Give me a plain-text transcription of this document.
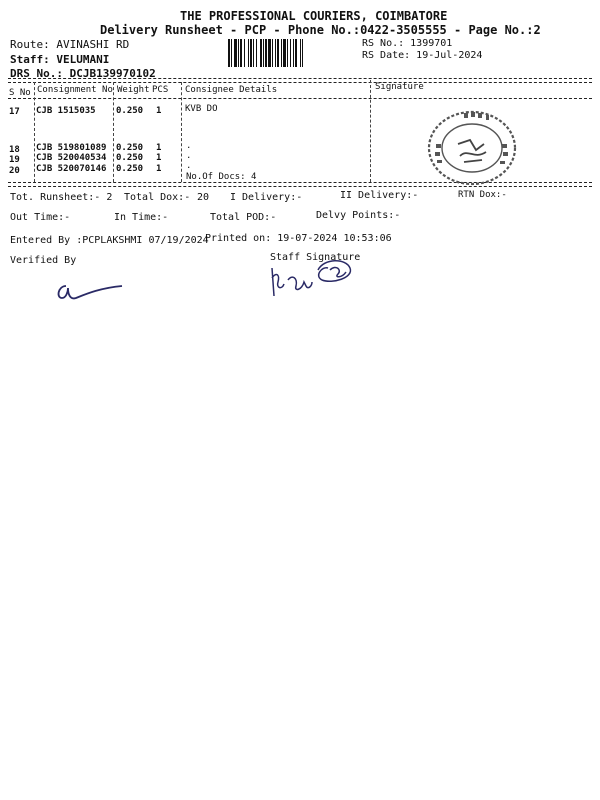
THE PROFESSIONAL COURIERS, COIMBATORE
Delivery Runsheet - PCP - Phone No.:0422-3505555 - Page No.:2
Route: AVINASHI RD
Staff: VELUMANI
DRS No.: DCJB139970102
RS No.: 1399701
RS Date: 19-Jul-2024
S No Consignment No Weight PCS Consignee Details	Signature
17 CJB 1515035 0.250 1	KVB DO
18 CJB 519801089 0.250 1	.
19 CJB 520040534 0.250 1	.
20 CJB 520070146 0.250 1	.
No.Of Docs: 4
Tot. Runsheet:- 2 Total Dox:- 20 I Delivery:-	II Delivery:-	RTN Dox:-
Out Time:-	In Time:-	Total POD:-	Delvy Points:-
Entered By :PCPLAKSHMI 07/19/2024
Printed on: 19-07-2024 10:53:06
Verified By	Staff Signature
